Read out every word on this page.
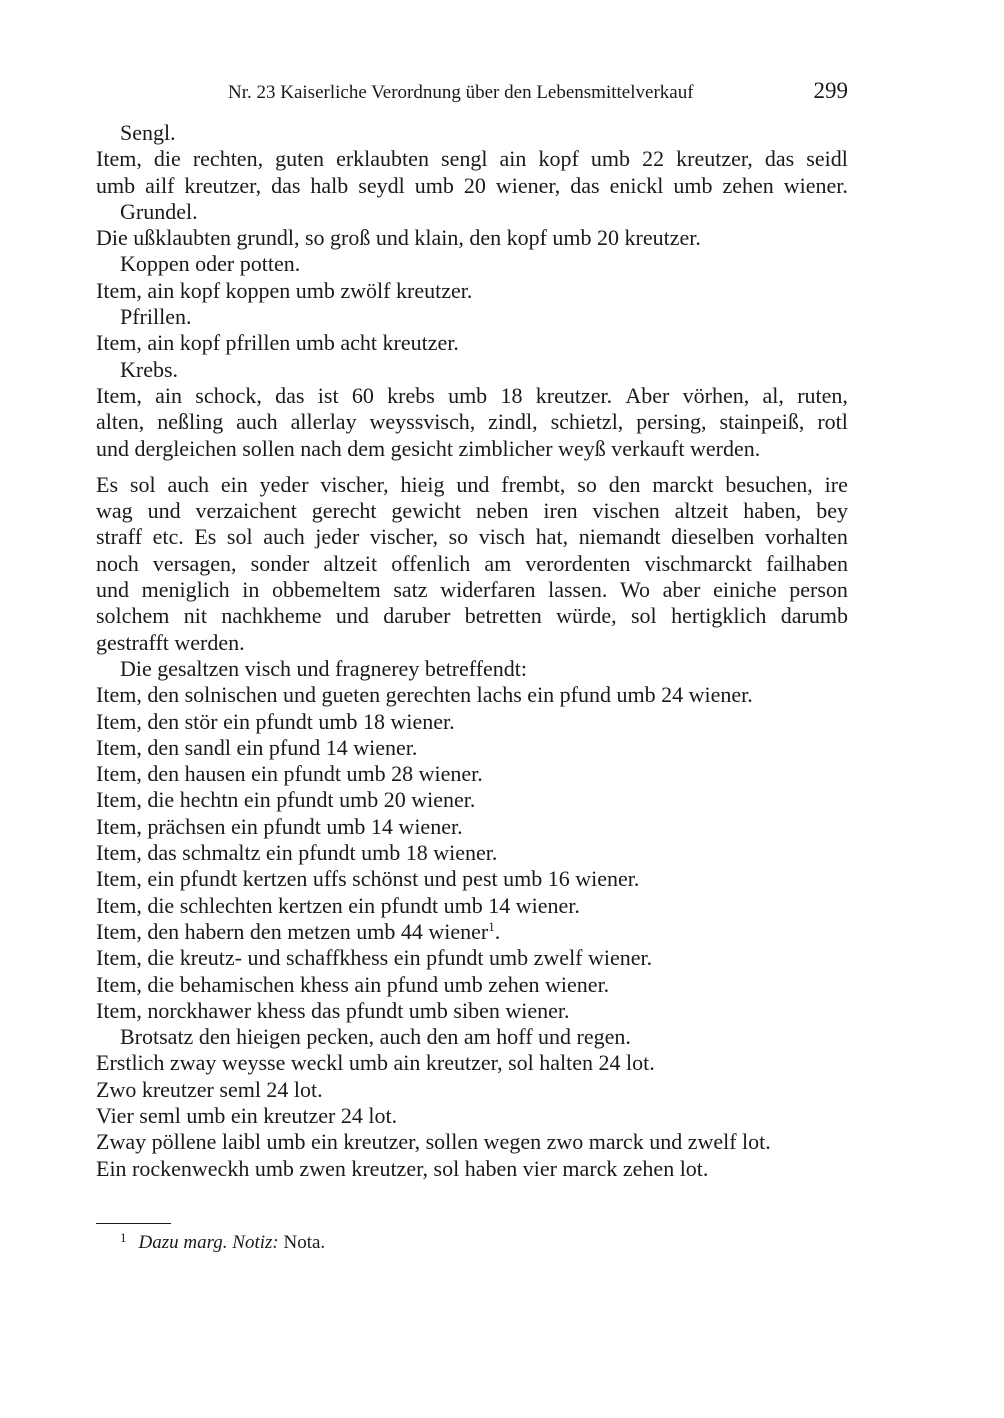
Nr. 23 Kaiserliche Verordnung über den Lebensmittelverkauf	299
Sengl.
Item, die rechten, guten erklaubten sengl ain kopf umb 22 kreutzer, das seidl
umb ailf kreutzer, das halb seydl umb 20 wiener, das enickl umb zehen wiener.
Grundel.
Die ußklaubten grundl, so groß und klain, den kopf umb 20 kreutzer.
Koppen oder potten.
Item, ain kopf koppen umb zwölf kreutzer.
Pfrillen.
Item, ain kopf pfrillen umb acht kreutzer.
Krebs.
Item, ain schock, das ist 60 krebs umb 18 kreutzer. Aber vörhen, al, ruten,
alten, neßling auch allerlay weyssvisch, zindl, schietzl, persing, stainpeiß, rotl
und dergleichen sollen nach dem gesicht zimblicher weyß verkauft werden.
Es sol auch ein yeder vischer, hieig und frembt, so den marckt besuchen, ire
wag und verzaichent gerecht gewicht neben iren vischen altzeit haben, bey
straff etc. Es sol auch jeder vischer, so visch hat, niemandt dieselben vorhalten
noch versagen, sonder altzeit offenlich am verordenten vischmarckt failhaben
und meniglich in obbemeltem satz widerfaren lassen. Wo aber einiche person
solchem nit nachkheme und daruber betretten würde, sol hertigklich darumb
gestrafft werden.
Die gesaltzen visch und fragnerey betreffendt:
Item, den solnischen und gueten gerechten lachs ein pfund umb 24 wiener.
Item, den stör ein pfundt umb 18 wiener.
Item, den sandl ein pfund 14 wiener.
Item, den hausen ein pfundt umb 28 wiener.
Item, die hechtn ein pfundt umb 20 wiener.
Item, prächsen ein pfundt umb 14 wiener.
Item, das schmaltz ein pfundt umb 18 wiener.
Item, ein pfundt kertzen uffs schönst und pest umb 16 wiener.
Item, die schlechten kertzen ein pfundt umb 14 wiener.
Item, den habern den metzen umb 44 wiener$^1$.
Item, die kreutz- und schaffkhess ein pfundt umb zwelf wiener.
Item, die behamischen khess ain pfund umb zehen wiener.
Item, norckhawer khess das pfundt umb siben wiener.
Brotsatz den hieigen pecken, auch den am hoff und regen.
Erstlich zway weysse weckl umb ain kreutzer, sol halten 24 lot.
Zwo kreutzer seml 24 lot.
Vier seml umb ein kreutzer 24 lot.
Zway pöllene laibl umb ein kreutzer, sollen wegen zwo marck und zwelf lot.
Ein rockenweckh umb zwen kreutzer, sol haben vier marck zehen lot.
$^1$ Dazu marg. Notiz: Nota.
